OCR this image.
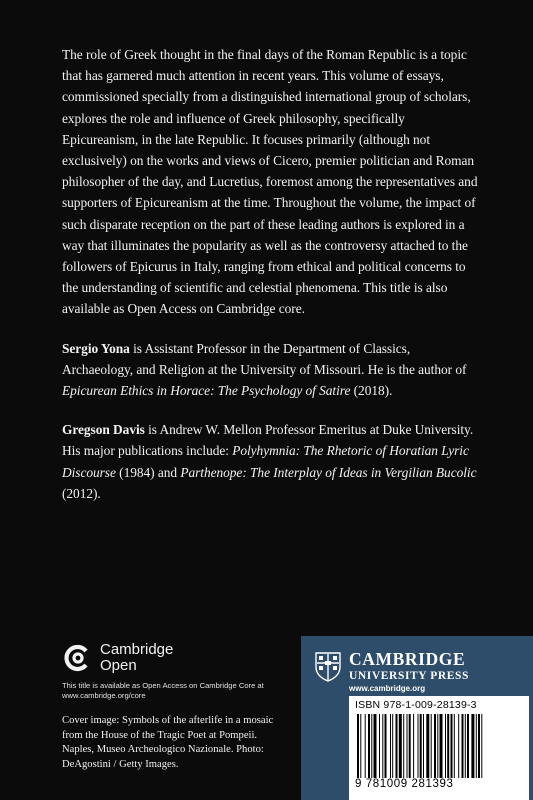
The role of Greek thought in the final days of the Roman Republic is a topic that has garnered much attention in recent years. This volume of essays, commissioned specially from a distinguished international group of scholars, explores the role and influence of Greek philosophy, specifically Epicureanism, in the late Republic. It focuses primarily (although not exclusively) on the works and views of Cicero, premier politician and Roman philosopher of the day, and Lucretius, foremost among the representatives and supporters of Epicureanism at the time. Throughout the volume, the impact of such disparate reception on the part of these leading authors is explored in a way that illuminates the popularity as well as the controversy attached to the followers of Epicurus in Italy, ranging from ethical and political concerns to the understanding of scientific and celestial phenomena. This title is also available as Open Access on Cambridge core.

Sergio Yona is Assistant Professor in the Department of Classics, Archaeology, and Religion at the University of Missouri. He is the author of Epicurean Ethics in Horace: The Psychology of Satire (2018).

Gregson Davis is Andrew W. Mellon Professor Emeritus at Duke University. His major publications include: Polyhymnia: The Rhetoric of Horatian Lyric Discourse (1984) and Parthenope: The Interplay of Ideas in Vergilian Bucolic (2012).

Cambridge
Open
This title is available as Open Access on Cambridge Core at www.cambridge.org/core
Cover image: Symbols of the afterlife in a mosaic from the House of the Tragic Poet at Pompeii. Naples, Museo Archeologico Nazionale. Photo: DeAgostini / Getty Images.
CAMBRIDGE
UNIVERSITY PRESS
www.cambridge.org
ISBN 978-1-009-28139-3
9 781009 281393
